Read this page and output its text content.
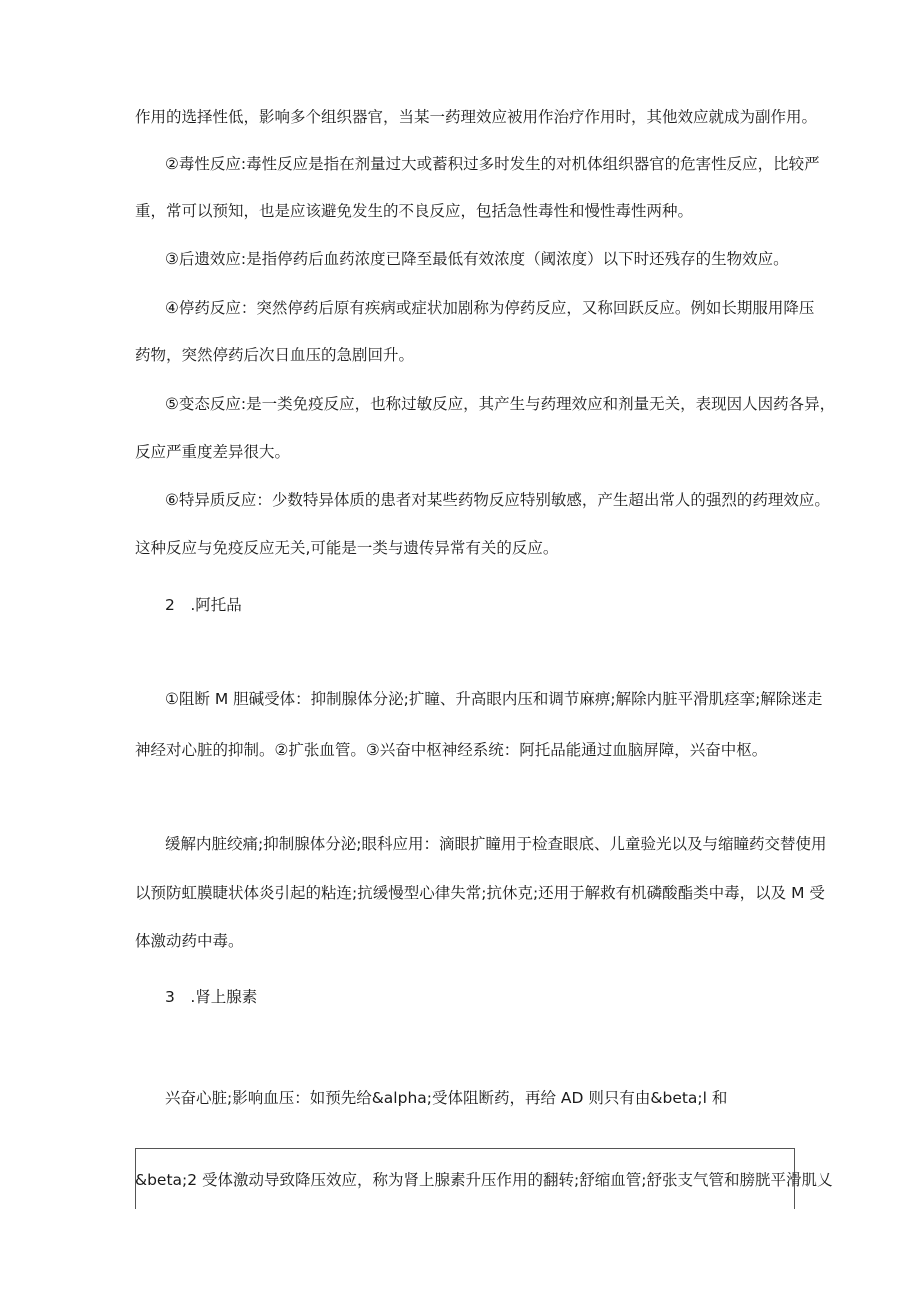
作用的选择性低，影响多个组织器官，当某一药理效应被用作治疗作用时，其他效应就成为副作用。
②毒性反应:毒性反应是指在剂量过大或蓄积过多时发生的对机体组织器官的危害性反应，比较严
重，常可以预知，也是应该避免发生的不良反应，包括急性毒性和慢性毒性两种。
③后遗效应:是指停药后血药浓度已降至最低有效浓度（阈浓度）以下时还残存的生物效应。
④停药反应：突然停药后原有疾病或症状加剧称为停药反应，又称回跃反应。例如长期服用降压
药物，突然停药后次日血压的急剧回升。
⑤变态反应:是一类免疫反应，也称过敏反应，其产生与药理效应和剂量无关，表现因人因药各异，
反应严重度差异很大。
⑥特异质反应：少数特异体质的患者对某些药物反应特别敏感，产生超出常人的强烈的药理效应。
这种反应与免疫反应无关,可能是一类与遗传异常有关的反应。
2　.阿托品
①阻断 M 胆碱受体：抑制腺体分泌;扩瞳、升高眼内压和调节麻痹;解除内脏平滑肌痉挛;解除迷走
神经对心脏的抑制。②扩张血管。③兴奋中枢神经系统：阿托品能通过血脑屏障，兴奋中枢。
缓解内脏绞痛;抑制腺体分泌;眼科应用：滴眼扩瞳用于检查眼底、儿童验光以及与缩瞳药交替使用
以预防虹膜睫状体炎引起的粘连;抗缓慢型心律失常;抗休克;还用于解救有机磷酸酯类中毒，以及 M 受
体激动药中毒。
3　.肾上腺素
兴奋心脏;影响血压：如预先给&alpha;受体阻断药，再给 AD 则只有由&beta;l 和
&beta;2 受体激动导致降压效应，称为肾上腺素升压作用的翻转;舒缩血管;舒张支气管和膀胱平滑肌乂
